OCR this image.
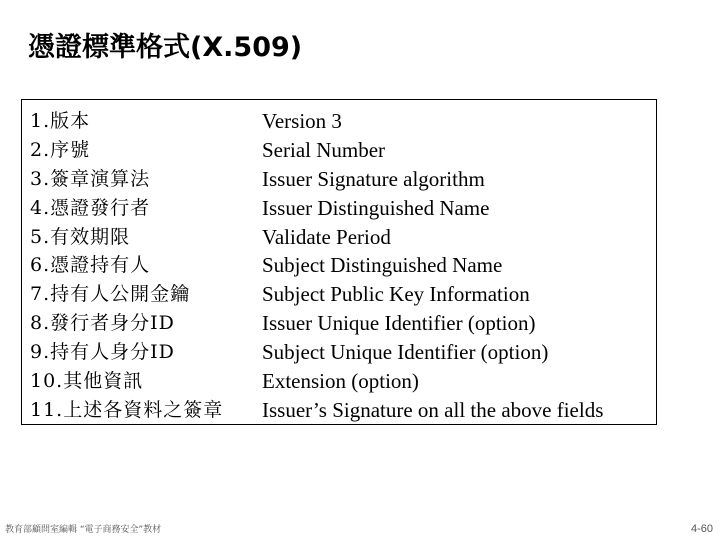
憑證標準格式(X.509)
1.版本	Version 3
2.序號	Serial Number
3.簽章演算法	Issuer Signature algorithm
4.憑證發行者	Issuer Distinguished Name
5.有效期限	Validate Period
6.憑證持有人	Subject Distinguished Name
7.持有人公開金鑰	Subject Public Key Information
8.發行者身分ID	Issuer Unique Identifier (option)
9.持有人身分ID	Subject Unique Identifier (option)
10.其他資訊	Extension (option)
11.上述各資料之簽章 Issuer’s Signature on all the above fields
教育部顧問室編輯 “電子商務安全”教材	4-60
